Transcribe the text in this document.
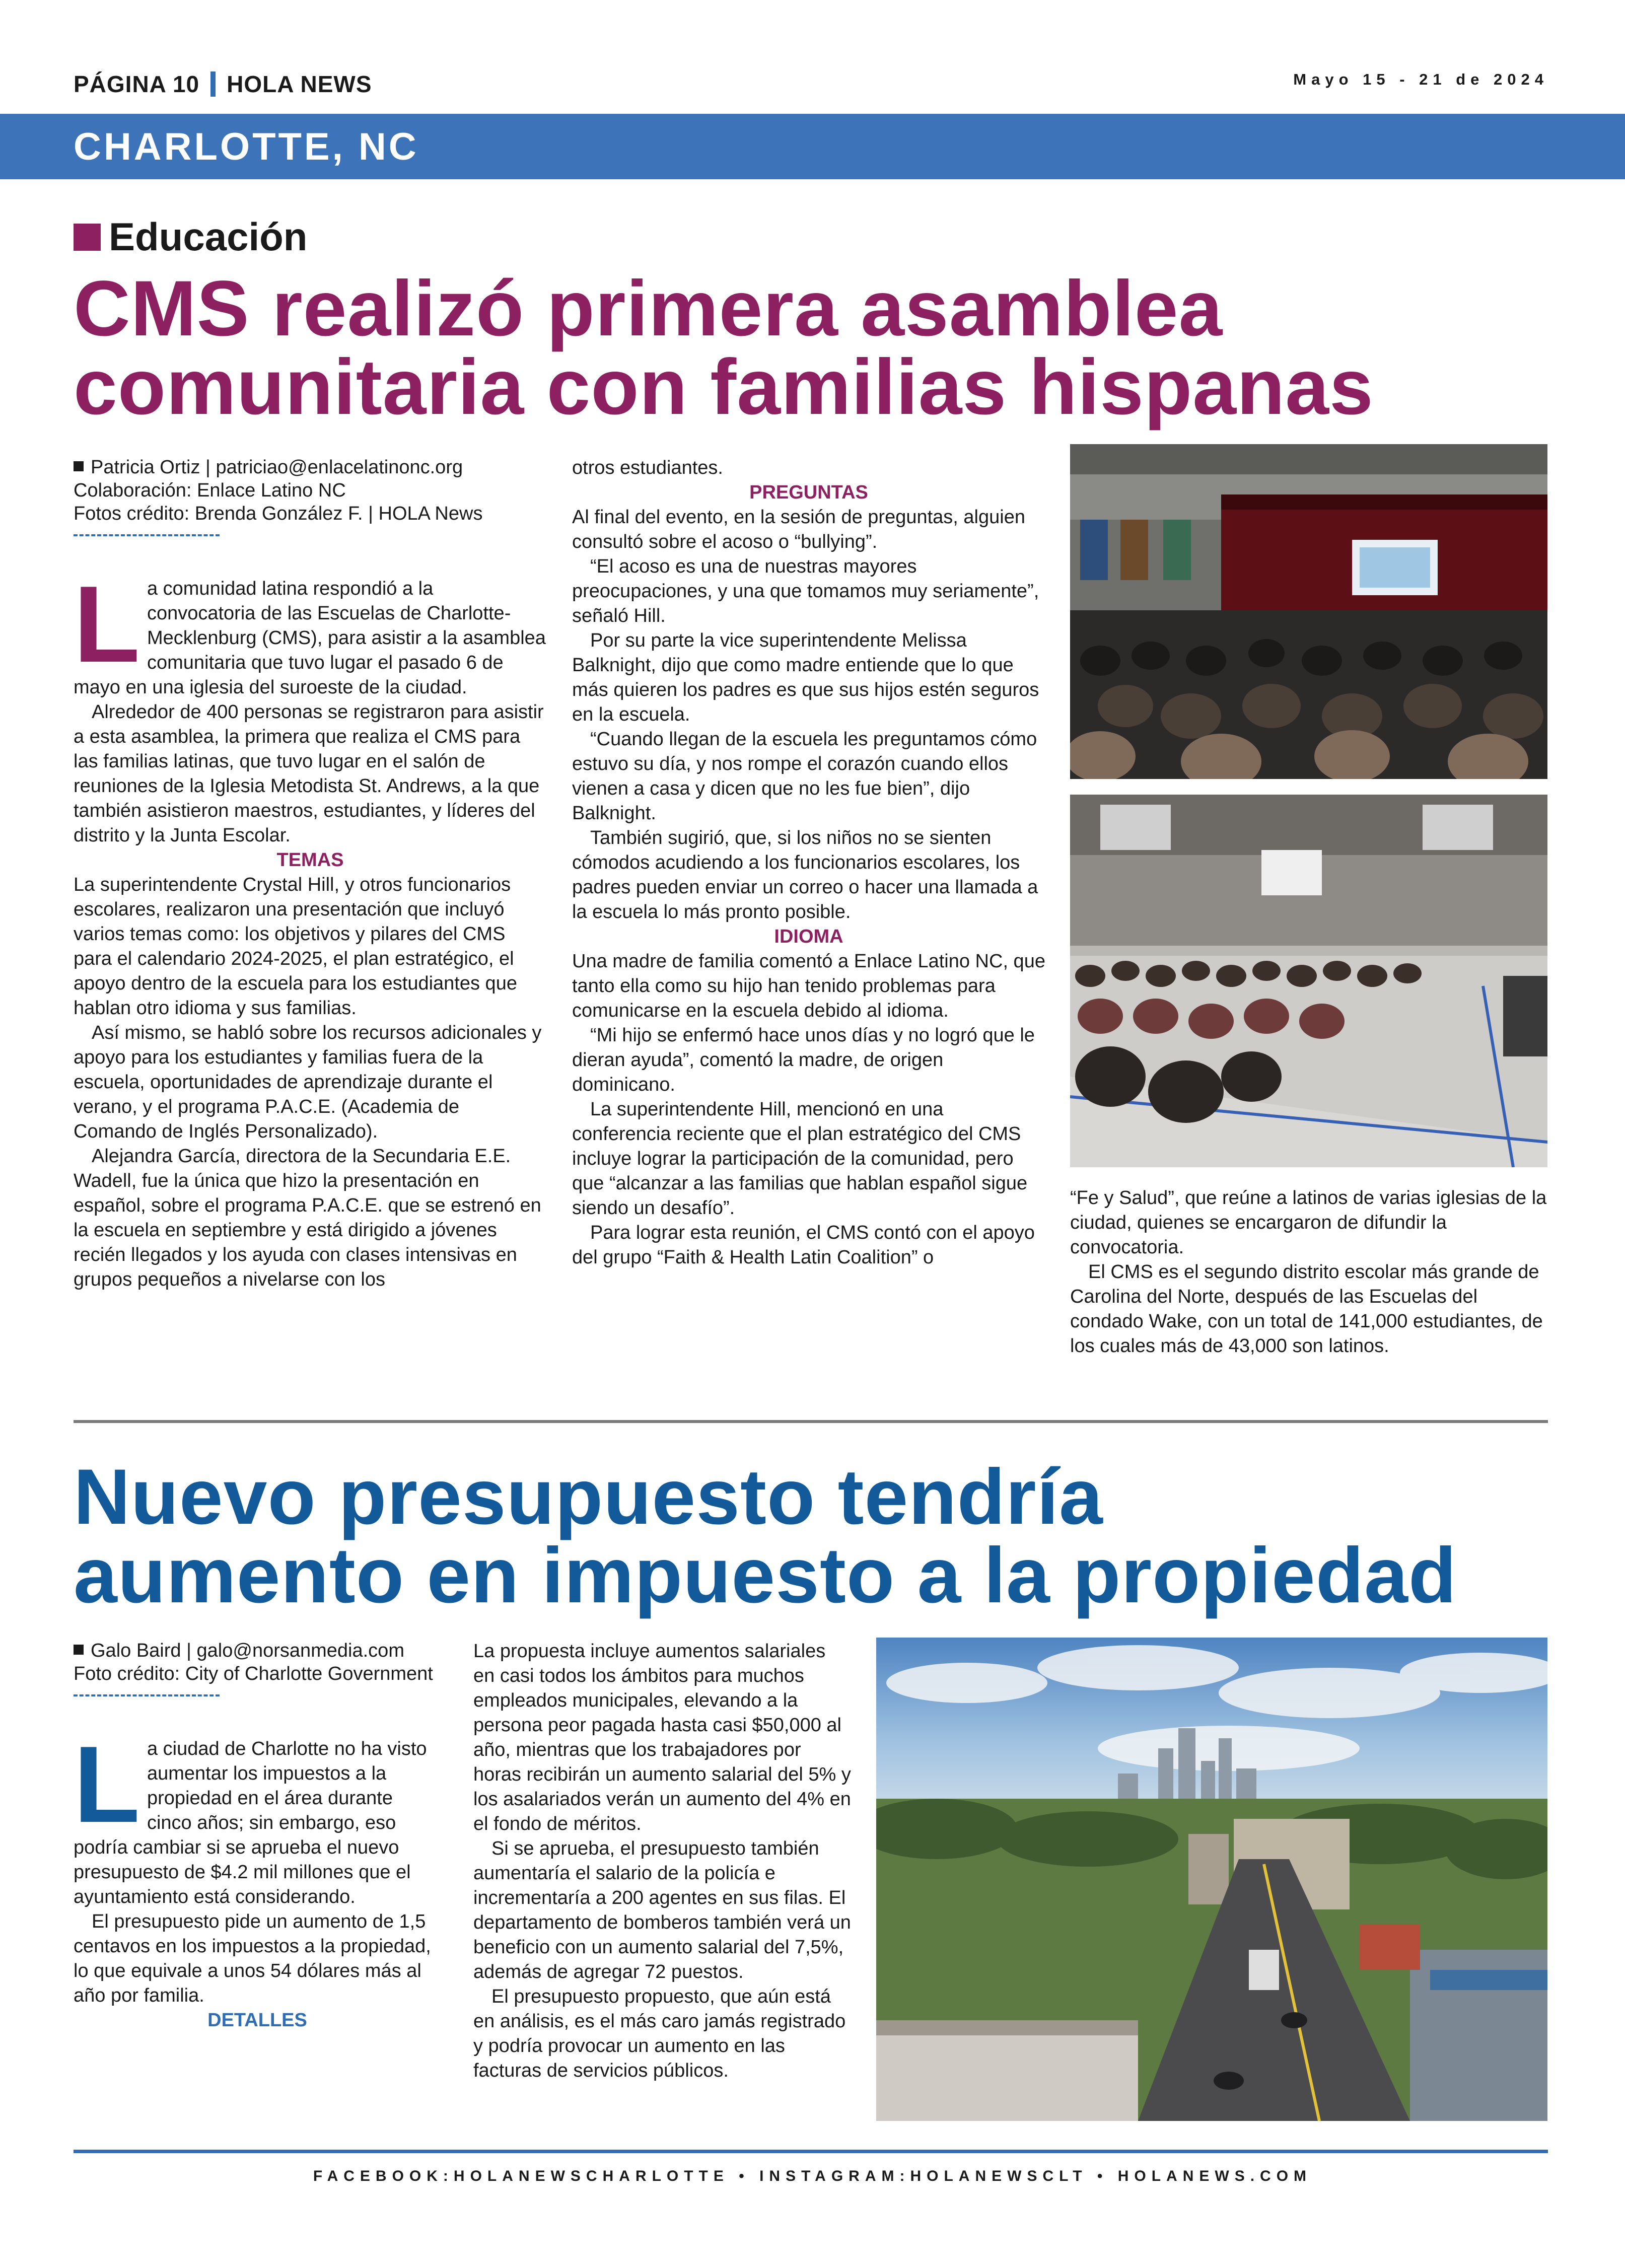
PÁGINA 10 HOLA NEWS	Mayo 15 - 21 de 2024
CHARLOTTE, NC
Educación
CMS realizó primera asamblea
comunitaria con familias hispanas
Patricia Ortiz | patriciao@enlacelatinonc.org
Colaboración: Enlace Latino NC
Fotos crédito: Brenda González F. | HOLA News

La comunidad latina respondió a la convocatoria de las Escuelas de Charlotte-Mecklenburg (CMS), para asistir a la asamblea comunitaria que tuvo lugar el pasado 6 de mayo en una iglesia del suroeste de la ciudad.

Alrededor de 400 personas se registraron para asistir a esta asamblea, la primera que realiza el CMS para las familias latinas, que tuvo lugar en el salón de reuniones de la Iglesia Metodista St. Andrews, a la que también asistieron maestros, estudiantes, y líderes del distrito y la Junta Escolar.

TEMAS

La superintendente Crystal Hill, y otros funcionarios escolares, realizaron una presentación que incluyó varios temas como: los objetivos y pilares del CMS para el calendario 2024-2025, el plan estratégico, el apoyo dentro de la escuela para los estudiantes que hablan otro idioma y sus familias.

Así mismo, se habló sobre los recursos adicionales y apoyo para los estudiantes y familias fuera de la escuela, oportunidades de aprendizaje durante el verano, y el programa P.A.C.E. (Academia de Comando de Inglés Personalizado).

Alejandra García, directora de la Secundaria E.E. Wadell, fue la única que hizo la presentación en español, sobre el programa P.A.C.E. que se estrenó en la escuela en septiembre y está dirigido a jóvenes recién llegados y los ayuda con clases intensivas en grupos pequeños a nivelarse con los

otros estudiantes.

PREGUNTAS

Al final del evento, en la sesión de preguntas, alguien consultó sobre el acoso o “bullying”.

“El acoso es una de nuestras mayores preocupaciones, y una que tomamos muy seriamente”, señaló Hill.

Por su parte la vice superintendente Melissa Balknight, dijo que como madre entiende que lo que más quieren los padres es que sus hijos estén seguros en la escuela.

“Cuando llegan de la escuela les preguntamos cómo estuvo su día, y nos rompe el corazón cuando ellos vienen a casa y dicen que no les fue bien”, dijo Balknight.

También sugirió, que, si los niños no se sienten cómodos acudiendo a los funcionarios escolares, los padres pueden enviar un correo o hacer una llamada a la escuela lo más pronto posible.

IDIOMA

Una madre de familia comentó a Enlace Latino NC, que tanto ella como su hijo han tenido problemas para comunicarse en la escuela debido al idioma.

“Mi hijo se enfermó hace unos días y no logró que le dieran ayuda”, comentó la madre, de origen dominicano.

La superintendente Hill, mencionó en una conferencia reciente que el plan estratégico del CMS incluye lograr la participación de la comunidad, pero que “alcanzar a las familias que hablan español sigue siendo un desafío”.

Para lograr esta reunión, el CMS contó con el apoyo del grupo “Faith & Health Latin Coalition” o

“Fe y Salud”, que reúne a latinos de varias iglesias de la ciudad, quienes se encargaron de difundir la convocatoria.

El CMS es el segundo distrito escolar más grande de Carolina del Norte, después de las Escuelas del condado Wake, con un total de 141,000 estudiantes, de los cuales más de 43,000 son latinos.

Nuevo presupuesto tendría
aumento en impuesto a la propiedad
Galo Baird | galo@norsanmedia.com
Foto crédito: City of Charlotte Government

La ciudad de Charlotte no ha visto aumentar los impuestos a la propiedad en el área durante cinco años; sin embargo, eso podría cambiar si se aprueba el nuevo presupuesto de $4.2 mil millones que el ayuntamiento está considerando.

El presupuesto pide un aumento de 1,5 centavos en los impuestos a la propiedad, lo que equivale a unos 54 dólares más al año por familia.

DETALLES

La propuesta incluye aumentos salariales en casi todos los ámbitos para muchos empleados municipales, elevando a la persona peor pagada hasta casi $50,000 al año, mientras que los trabajadores por horas recibirán un aumento salarial del 5% y los asalariados verán un aumento del 4% en el fondo de méritos.

Si se aprueba, el presupuesto también aumentaría el salario de la policía e incrementaría a 200 agentes en sus filas. El departamento de bomberos también verá un beneficio con un aumento salarial del 7,5%, además de agregar 72 puestos.

El presupuesto propuesto, que aún está en análisis, es el más caro jamás registrado y podría provocar un aumento en las facturas de servicios públicos.

FACEBOOK:HOLANEWSCHARLOTTE • INSTAGRAM:HOLANEWSCLT • HOLANEWS.COM
